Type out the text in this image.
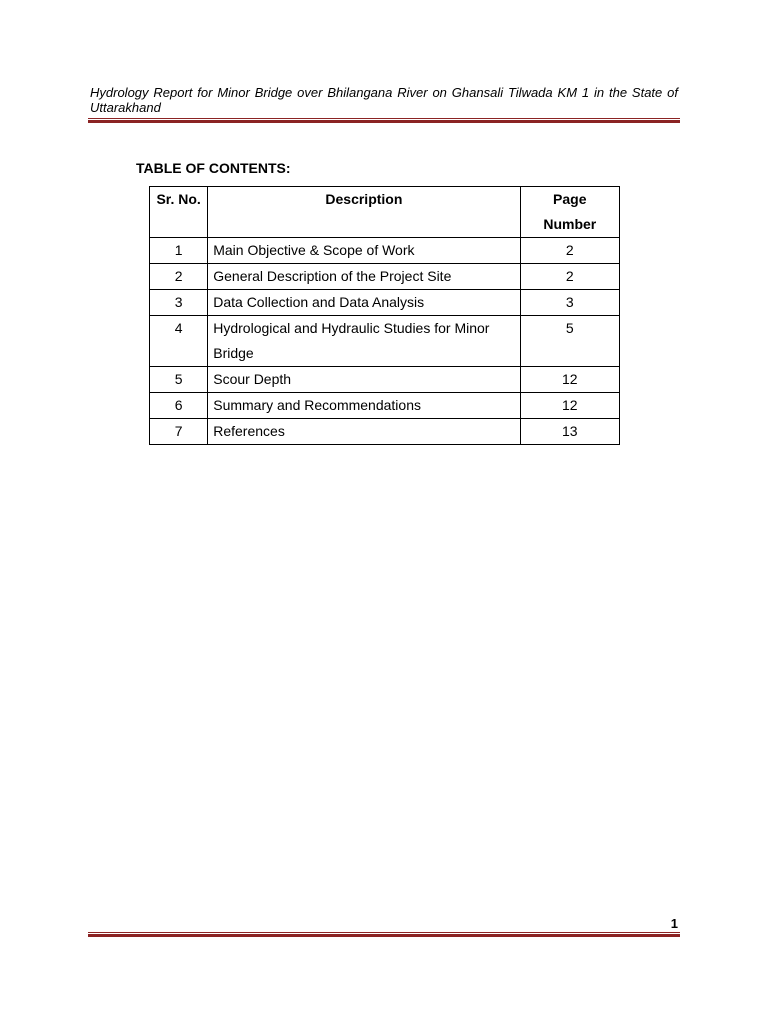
Hydrology Report for Minor Bridge over Bhilangana River on Ghansali Tilwada KM 1 in the State of Uttarakhand
TABLE OF CONTENTS:
Sr. No.	Description	Page Number
1	Main Objective & Scope of Work	2
2	General Description of the Project Site	2
3	Data Collection and Data Analysis	3
4	Hydrological and Hydraulic Studies for Minor Bridge	5
5	Scour Depth	12
6	Summary and Recommendations	12
7	References	13
1
